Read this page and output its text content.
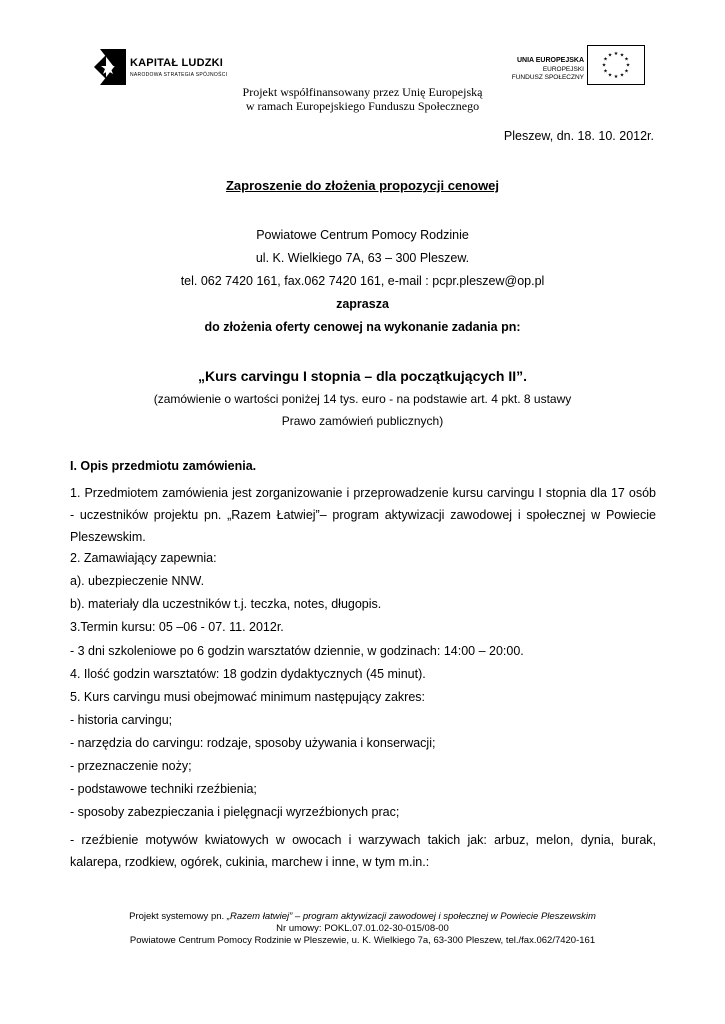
KAPITAŁ LUDZKI
NARODOWA STRATEGIA SPÓJNOŚCI
UNIA EUROPEJSKA
EUROPEJSKI
FUNDUSZ SPOŁECZNY
★ ★
★
★
★
★
★
★
★
★
★
★
Projekt współfinansowany przez Unię Europejską
w ramach Europejskiego Funduszu Społecznego
Pleszew, dn. 18. 10. 2012r.
Zaproszenie do złożenia propozycji cenowej
Powiatowe Centrum Pomocy Rodzinie
ul. K. Wielkiego 7A, 63 – 300 Pleszew.
tel. 062 7420 161, fax.062 7420 161, e-mail : pcpr.pleszew@op.pl
zaprasza
do złożenia oferty cenowej na wykonanie zadania pn:
„Kurs carvingu I stopnia – dla początkujących II”.
(zamówienie o wartości poniżej 14 tys. euro - na podstawie art. 4 pkt. 8 ustawy
Prawo zamówień publicznych)
I. Opis przedmiotu zamówienia.
1. Przedmiotem zamówienia jest zorganizowanie i przeprowadzenie kursu carvingu I stopnia dla 17 osób - uczestników projektu pn. „Razem Łatwiej”– program aktywizacji zawodowej i społecznej w Powiecie Pleszewskim.
2. Zamawiający zapewnia:
a). ubezpieczenie NNW.
b). materiały dla uczestników t.j. teczka, notes, długopis.
3.Termin kursu: 05 –06 - 07. 11. 2012r.
- 3 dni szkoleniowe po 6 godzin warsztatów dziennie, w godzinach: 14:00 – 20:00.
4. Ilość godzin warsztatów: 18 godzin dydaktycznych (45 minut).
5. Kurs carvingu musi obejmować minimum następujący zakres:
- historia carvingu;
- narzędzia do carvingu: rodzaje, sposoby używania i konserwacji;
- przeznaczenie noży;
- podstawowe techniki rzeźbienia;
- sposoby zabezpieczania i pielęgnacji wyrzeźbionych prac;
- rzeźbienie motywów kwiatowych w owocach i warzywach takich jak: arbuz, melon, dynia, burak, kalarepa, rzodkiew, ogórek, cukinia, marchew i inne, w tym m.in.:
Projekt systemowy pn. „Razem łatwiej” – program aktywizacji zawodowej i społecznej w Powiecie Pleszewskim
Nr umowy: POKL.07.01.02-30-015/08-00
Powiatowe Centrum Pomocy Rodzinie w Pleszewie, u. K. Wielkiego 7a, 63-300 Pleszew, tel./fax.062/7420-161
